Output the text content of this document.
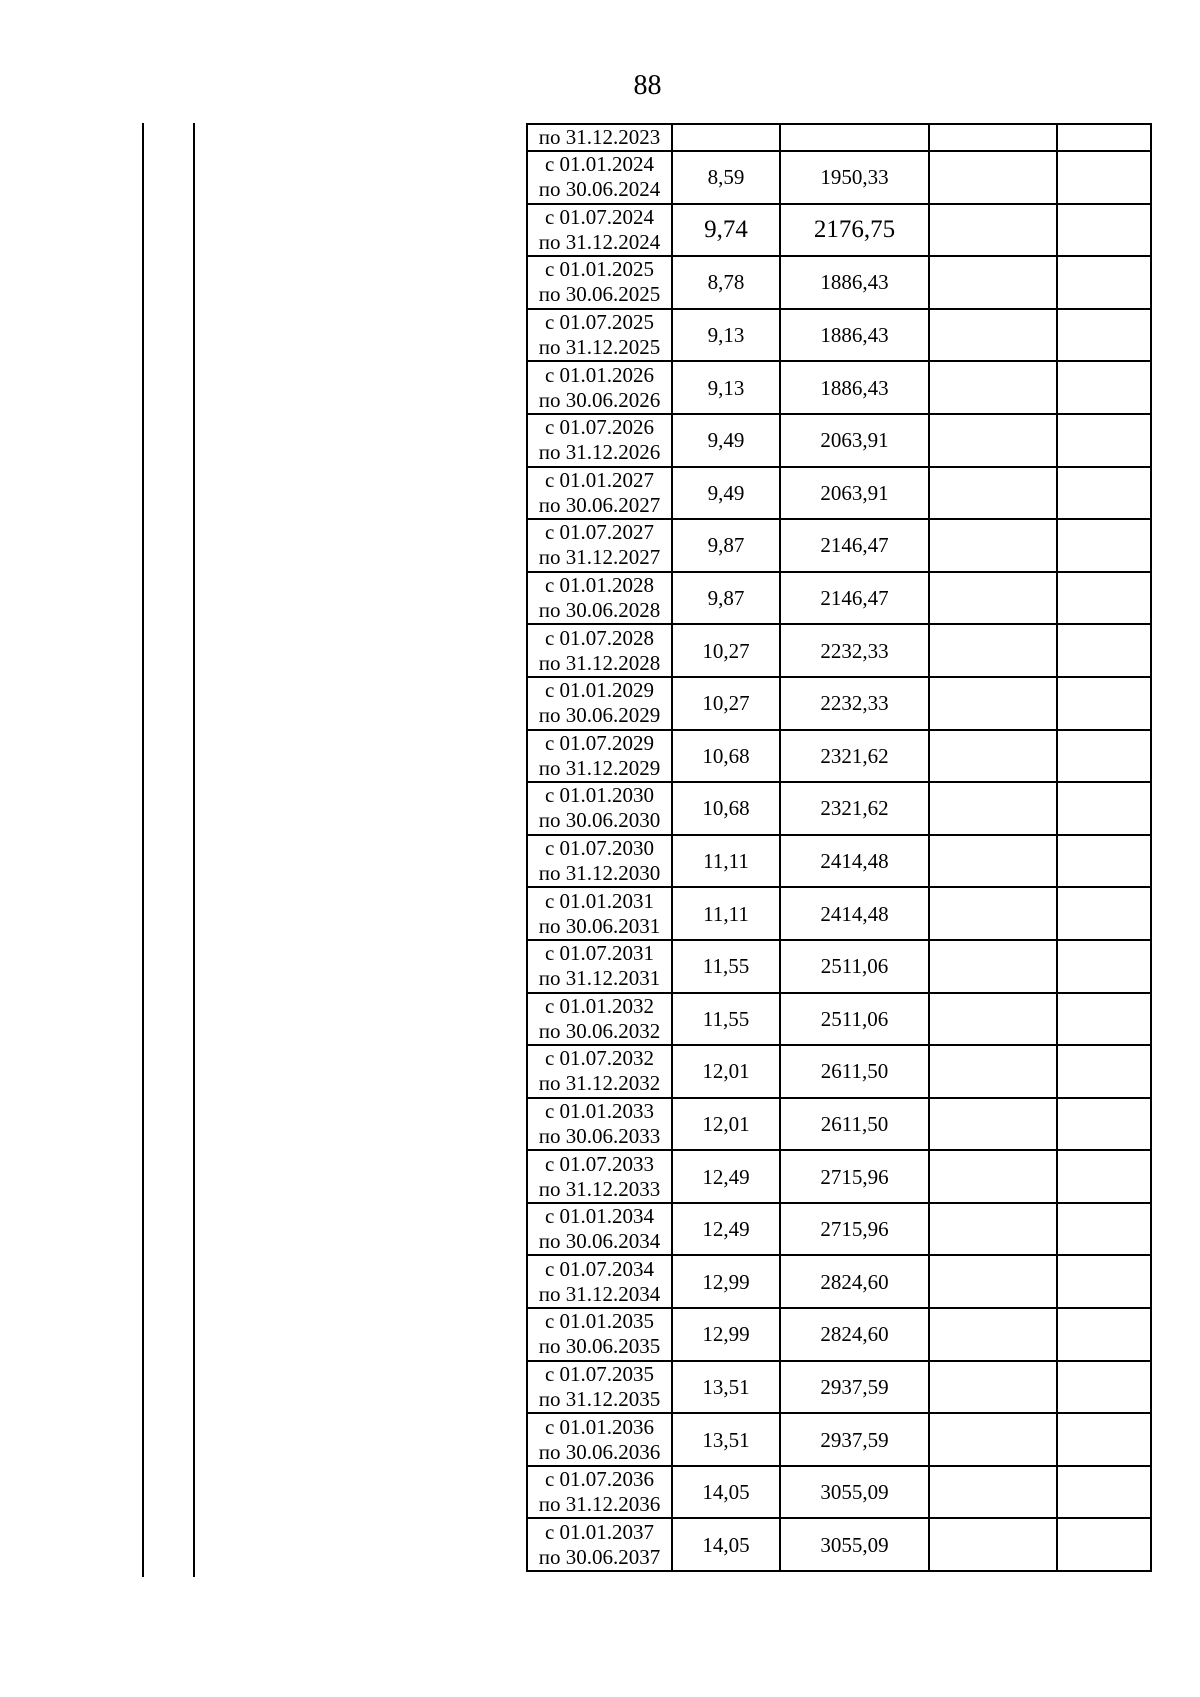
88
по 31.12.2023				

с 01.01.2024
по 30.06.2024	8,59	1950,33		

с 01.07.2024
по 31.12.2024	9,74	2176,75		

с 01.01.2025
по 30.06.2025	8,78	1886,43		

с 01.07.2025
по 31.12.2025	9,13	1886,43		

с 01.01.2026
по 30.06.2026	9,13	1886,43		

с 01.07.2026
по 31.12.2026	9,49	2063,91		

с 01.01.2027
по 30.06.2027	9,49	2063,91		

с 01.07.2027
по 31.12.2027	9,87	2146,47		

с 01.01.2028
по 30.06.2028	9,87	2146,47		

с 01.07.2028
по 31.12.2028	10,27	2232,33		

с 01.01.2029
по 30.06.2029	10,27	2232,33		

с 01.07.2029
по 31.12.2029	10,68	2321,62		

с 01.01.2030
по 30.06.2030	10,68	2321,62		

с 01.07.2030
по 31.12.2030	11,11	2414,48		

с 01.01.2031
по 30.06.2031	11,11	2414,48		

с 01.07.2031
по 31.12.2031	11,55	2511,06		

с 01.01.2032
по 30.06.2032	11,55	2511,06		

с 01.07.2032
по 31.12.2032	12,01	2611,50		

с 01.01.2033
по 30.06.2033	12,01	2611,50		

с 01.07.2033
по 31.12.2033	12,49	2715,96		

с 01.01.2034
по 30.06.2034	12,49	2715,96		

с 01.07.2034
по 31.12.2034	12,99	2824,60		

с 01.01.2035
по 30.06.2035	12,99	2824,60		

с 01.07.2035
по 31.12.2035	13,51	2937,59		

с 01.01.2036
по 30.06.2036	13,51	2937,59		

с 01.07.2036
по 31.12.2036	14,05	3055,09		

с 01.01.2037
по 30.06.2037	14,05	3055,09		
